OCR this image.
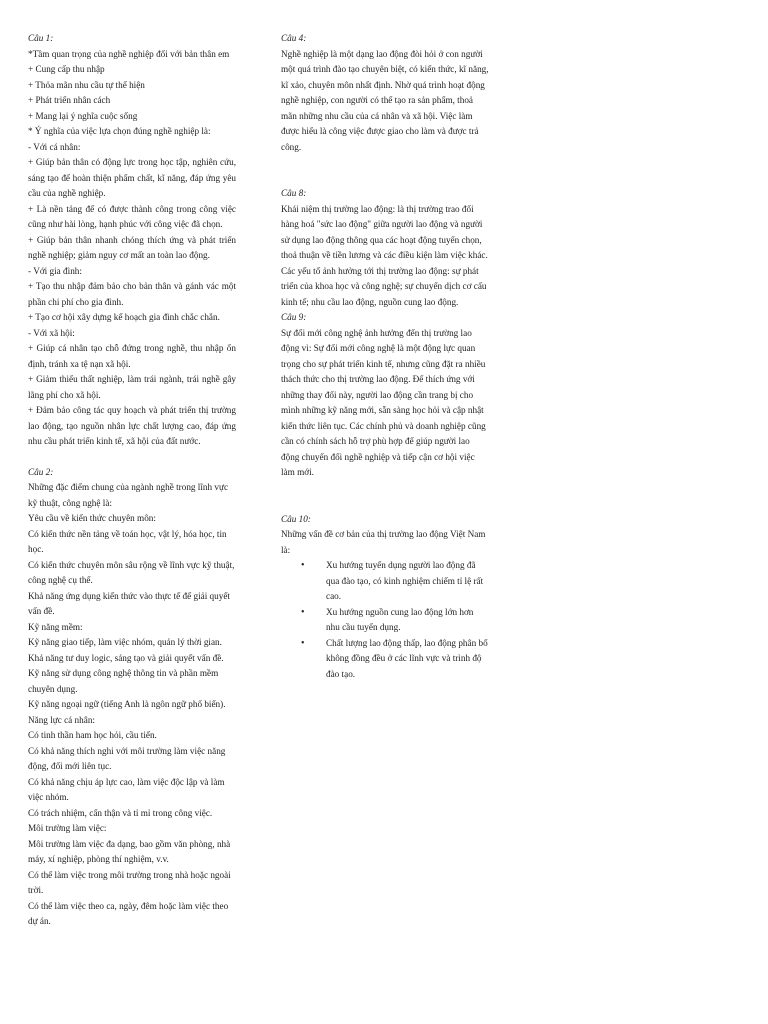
Câu 1:
*Tầm quan trọng của nghề nghiệp đối với bản thân em
+ Cung cấp thu nhập
+ Thỏa mãn nhu cầu tự thể hiện
+ Phát triển nhân cách
+ Mang lại ý nghĩa cuộc sống
* Ý nghĩa của việc lựa chọn đúng nghề nghiệp là:
- Với cá nhân:
+ Giúp bản thân có động lực trong học tập, nghiên cứu, sáng tạo để hoàn thiện phẩm chất, kĩ năng, đáp ứng yêu cầu của nghề nghiệp.
+ Là nền tảng để có được thành công trong công việc cũng như hài lòng, hạnh phúc với công việc đã chọn.
+ Giúp bản thân nhanh chóng thích ứng và phát triển nghề nghiệp; giảm nguy cơ mất an toàn lao động.
- Với gia đình:
+ Tạo thu nhập đảm bảo cho bản thân và gánh vác một phần chi phí cho gia đình.
+ Tạo cơ hội xây dựng kế hoạch gia đình chắc chắn.
- Với xã hội:
+ Giúp cá nhân tạo chỗ đứng trong nghề, thu nhập ổn định, tránh xa tệ nạn xã hội.
+ Giảm thiểu thất nghiệp, làm trái ngành, trái nghề gây lãng phí cho xã hội.
+ Đảm bảo công tác quy hoạch và phát triển thị trường lao động, tạo nguồn nhân lực chất lượng cao, đáp ứng nhu cầu phát triển kinh tế, xã hội của đất nước.
Câu 2:
Những đặc điểm chung của ngành nghề trong lĩnh vực kỹ thuật, công nghệ là:
Yêu cầu về kiến thức chuyên môn:
Có kiến thức nền tảng về toán học, vật lý, hóa học, tin học.
Có kiến thức chuyên môn sâu rộng về lĩnh vực kỹ thuật, công nghệ cụ thể.
Khả năng ứng dụng kiến thức vào thực tế để giải quyết vấn đề.
Kỹ năng mềm:
Kỹ năng giao tiếp, làm việc nhóm, quản lý thời gian.
Khả năng tư duy logic, sáng tạo và giải quyết vấn đề.
Kỹ năng sử dụng công nghệ thông tin và phần mềm chuyên dụng.
Kỹ năng ngoại ngữ (tiếng Anh là ngôn ngữ phổ biến).
Năng lực cá nhân:
Có tinh thần ham học hỏi, cầu tiến.
Có khả năng thích nghi với môi trường làm việc năng động, đổi mới liên tục.
Có khả năng chịu áp lực cao, làm việc độc lập và làm việc nhóm.
Có trách nhiệm, cẩn thận và tỉ mỉ trong công việc.
Môi trường làm việc:
Môi trường làm việc đa dạng, bao gồm văn phòng, nhà máy, xí nghiệp, phòng thí nghiệm, v.v.
Có thể làm việc trong môi trường trong nhà hoặc ngoài trời.
Có thể làm việc theo ca, ngày, đêm hoặc làm việc theo dự án.
Câu 4:
Nghề nghiệp là một dạng lao động đòi hỏi ở con người một quá trình đào tạo chuyên biệt, có kiến thức, kĩ năng, kĩ xảo, chuyên môn nhất định. Nhờ quá trình hoạt động nghề nghiệp, con người có thể tạo ra sản phẩm, thoả mãn những nhu cầu của cá nhân và xã hội. Việc làm được hiểu là công việc được giao cho làm và được trả công.
Câu 8:
Khái niệm thị trường lao động: là thị trường trao đổi hàng hoá "sức lao động" giữa người lao động và người sử dụng lao động thông qua các hoạt động tuyển chọn, thoả thuận về tiền lương và các điều kiện làm việc khác. Các yếu tố ảnh hưởng tới thị trường lao động: sự phát triển của khoa học và công nghệ; sự chuyển dịch cơ cấu kinh tế; nhu cầu lao động, nguồn cung lao động.
Câu 9:
Sự đổi mới công nghệ ảnh hưởng đến thị trường lao động vì: Sự đổi mới công nghệ là một động lực quan trọng cho sự phát triển kinh tế, nhưng cũng đặt ra nhiều thách thức cho thị trường lao động. Để thích ứng với những thay đổi này, người lao động cần trang bị cho mình những kỹ năng mới, sẵn sàng học hỏi và cập nhật kiến thức liên tục. Các chính phủ và doanh nghiệp cũng cần có chính sách hỗ trợ phù hợp để giúp người lao động chuyển đổi nghề nghiệp và tiếp cận cơ hội việc làm mới.
Câu 10:
Những vấn đề cơ bản của thị trường lao động Việt Nam là:
• Xu hướng tuyển dụng người lao động đã qua đào tạo, có kinh nghiệm chiếm tỉ lệ rất cao.
• Xu hướng nguồn cung lao động lớn hơn nhu cầu tuyển dụng.
• Chất lượng lao động thấp, lao động phân bố không đồng đều ở các lĩnh vực và trình độ đào tạo.
